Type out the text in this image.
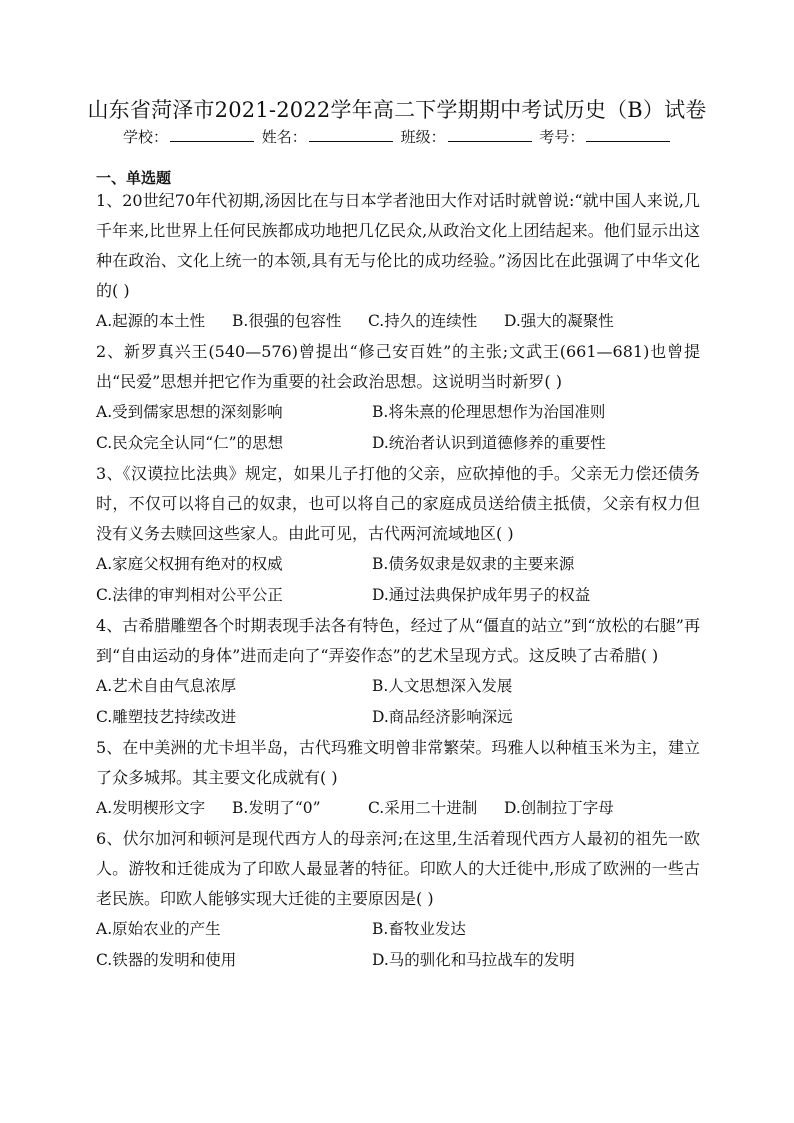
山东省菏泽市2021-2022学年高二下学期期中考试历史（B）试卷
学校：	姓名：	班级：	考号：
一、单选题

1、20世纪70年代初期,汤因比在与日本学者池田大作对话时就曾说:“就中国人来说,几千年来,比世界上任何民族都成功地把几亿民众,从政治文化上团结起来。他们显示出这种在政治、文化上统一的本领,具有无与伦比的成功经验。”汤因比在此强调了中华文化的( )

A.起源的本土性 B.很强的包容性 C.持久的连续性 D.强大的凝聚性

2、新罗真兴王(540—576)曾提出“修己安百姓”的主张;文武王(661—681)也曾提出“民爱”思想并把它作为重要的社会政治思想。这说明当时新罗( )

A.受到儒家思想的深刻影响	B.将朱熹的伦理思想作为治国准则
C.民众完全认同“仁”的思想	D.统治者认识到道德修养的重要性

3、《汉谟拉比法典》规定，如果儿子打他的父亲，应砍掉他的手。父亲无力偿还债务时，不仅可以将自己的奴隶，也可以将自己的家庭成员送给债主抵债，父亲有权力但没有义务去赎回这些家人。由此可见，古代两河流域地区( )

A.家庭父权拥有绝对的权威	B.债务奴隶是奴隶的主要来源
C.法律的审判相对公平公正	D.通过法典保护成年男子的权益

4、古希腊雕塑各个时期表现手法各有特色，经过了从“僵直的站立”到“放松的右腿”再到“自由运动的身体”进而走向了“弄姿作态”的艺术呈现方式。这反映了古希腊( )

A.艺术自由气息浓厚	B.人文思想深入发展
C.雕塑技艺持续改进	D.商品经济影响深远

5、在中美洲的尤卡坦半岛，古代玛雅文明曾非常繁荣。玛雅人以种植玉米为主，建立了众多城邦。其主要文化成就有( )

A.发明楔形文字 B.发明了“0”	C.采用二十进制 D.创制拉丁字母

6、伏尔加河和顿河是现代西方人的母亲河;在这里,生活着现代西方人最初的祖先一欧人。游牧和迁徙成为了印欧人最显著的特征。印欧人的大迁徙中,形成了欧洲的一些古老民族。印欧人能够实现大迁徙的主要原因是( )

A.原始农业的产生	B.畜牧业发达
C.铁器的发明和使用	D.马的驯化和马拉战车的发明
